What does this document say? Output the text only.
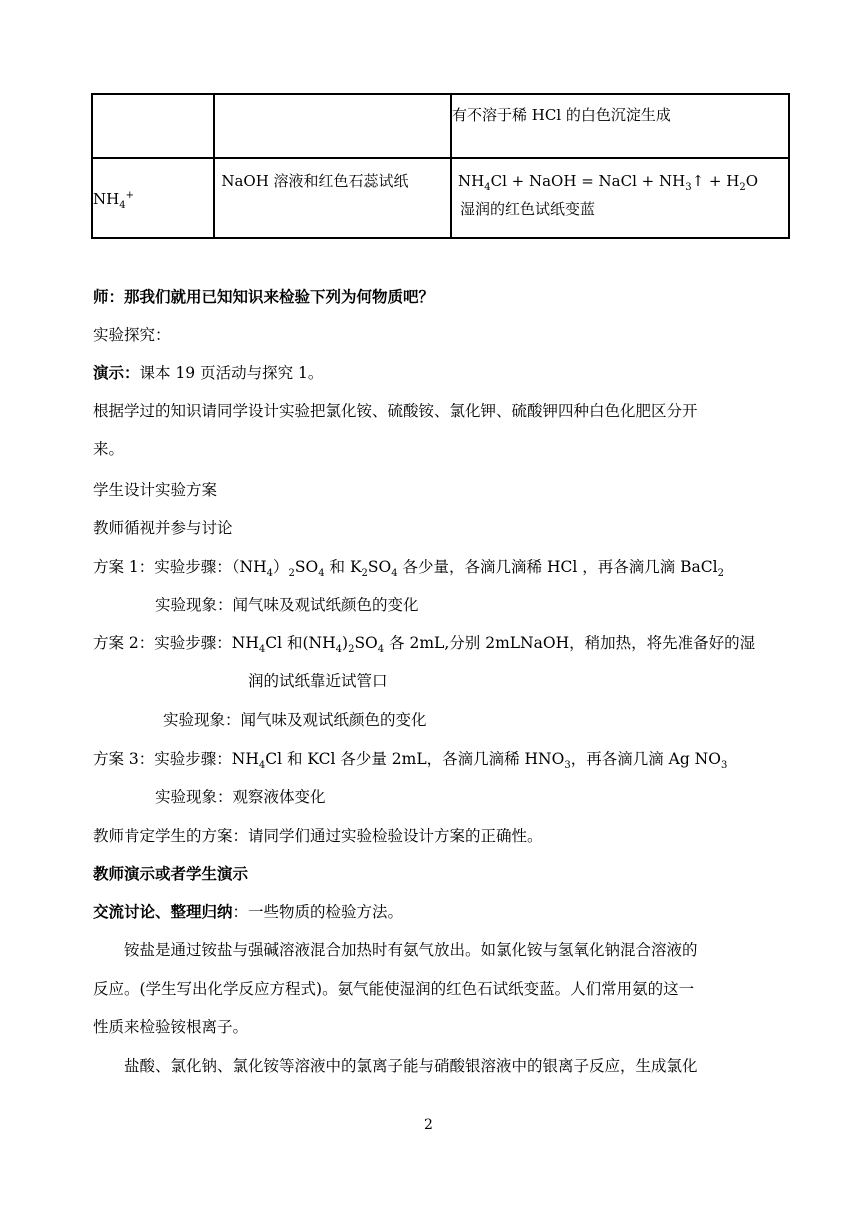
		有不溶于稀 HCl 的白色沉淀生成

$NH_4^+$	NaOH 溶液和红色石蕊试纸	$NH_4Cl$ + NaOH = NaCl + $NH_3↑ + H_2O$
湿润的红色试纸变蓝
师：那我们就用已知知识来检验下列为何物质吧？
实验探究：
演示：课本 19 页活动与探究 1。
根据学过的知识请同学设计实验把氯化铵、硫酸铵、氯化钾、硫酸钾四种白色化肥区分开
来。
学生设计实验方案
教师循视并参与讨论
方案 1：实验步骤：$(NH_4)_2SO_4$ 和 $K_2SO_4$ 各少量，各滴几滴稀 HCl ，再各滴几滴 BaCl$_2$
实验现象：闻气味及观试纸颜色的变化
方案 2：实验步骤：$NH_4Cl$ 和$(NH_4)_2SO_4$ 各 2mL,分别 2mLNaOH，稍加热，将先准备好的湿
润的试纸靠近试管口
实验现象：闻气味及观试纸颜色的变化
方案 3：实验步骤：$NH_4Cl$ 和 KCl 各少量 2mL，各滴几滴稀 $HNO_3$，再各滴几滴 Ag $NO_3$
实验现象：观察液体变化
教师肯定学生的方案：请同学们通过实验检验设计方案的正确性。
教师演示或者学生演示
交流讨论、整理归纳：一些物质的检验方法。
铵盐是通过铵盐与强碱溶液混合加热时有氨气放出。如氯化铵与氢氧化钠混合溶液的
反应。(学生写出化学反应方程式)。氨气能使湿润的红色石试纸变蓝。人们常用氨的这一
性质来检验铵根离子。
盐酸、氯化钠、氯化铵等溶液中的氯离子能与硝酸银溶液中的银离子反应，生成氯化
2
